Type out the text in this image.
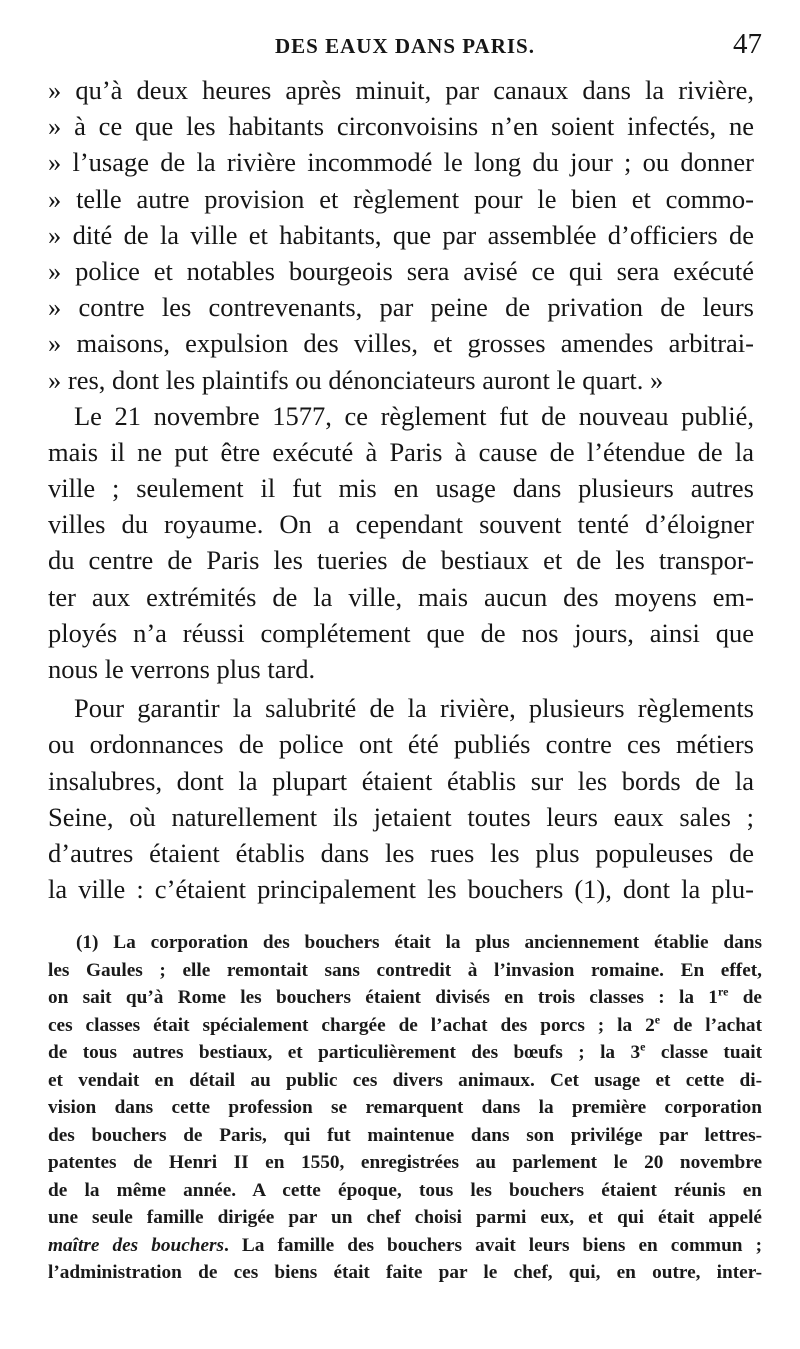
DES EAUX DANS PARIS.	47
» qu’à deux heures après minuit, par canaux dans la rivière,
» à ce que les habitants circonvoisins n’en soient infectés, ne
» l’usage de la rivière incommodé le long du jour ; ou donner
» telle autre provision et règlement pour le bien et commo-
» dité de la ville et habitants, que par assemblée d’officiers de
» police et notables bourgeois sera avisé ce qui sera exécuté
» contre les contrevenants, par peine de privation de leurs
» maisons, expulsion des villes, et grosses amendes arbitrai-
» res, dont les plaintifs ou dénonciateurs auront le quart. »
Le 21 novembre 1577, ce règlement fut de nouveau publié,
mais il ne put être exécuté à Paris à cause de l’étendue de la
ville ; seulement il fut mis en usage dans plusieurs autres
villes du royaume. On a cependant souvent tenté d’éloigner
du centre de Paris les tueries de bestiaux et de les transpor-
ter aux extrémités de la ville, mais aucun des moyens em-
ployés n’a réussi complétement que de nos jours, ainsi que
nous le verrons plus tard.
Pour garantir la salubrité de la rivière, plusieurs règlements
ou ordonnances de police ont été publiés contre ces métiers
insalubres, dont la plupart étaient établis sur les bords de la
Seine, où naturellement ils jetaient toutes leurs eaux sales ;
d’autres étaient établis dans les rues les plus populeuses de
la ville : c’étaient principalement les bouchers (1), dont la plu-
(1) La corporation des bouchers était la plus anciennement établie dans
les Gaules ; elle remontait sans contredit à l’invasion romaine. En effet,
on sait qu’à Rome les bouchers étaient divisés en trois classes : la 1re de
ces classes était spécialement chargée de l’achat des porcs ; la 2e de l’achat
de tous autres bestiaux, et particulièrement des bœufs ; la 3e classe tuait
et vendait en détail au public ces divers animaux. Cet usage et cette di-
vision dans cette profession se remarquent dans la première corporation
des bouchers de Paris, qui fut maintenue dans son privilége par lettres-
patentes de Henri II en 1550, enregistrées au parlement le 20 novembre
de la même année. A cette époque, tous les bouchers étaient réunis en
une seule famille dirigée par un chef choisi parmi eux, et qui était appelé
maître des bouchers. La famille des bouchers avait leurs biens en commun ;
l’administration de ces biens était faite par le chef, qui, en outre, inter-
